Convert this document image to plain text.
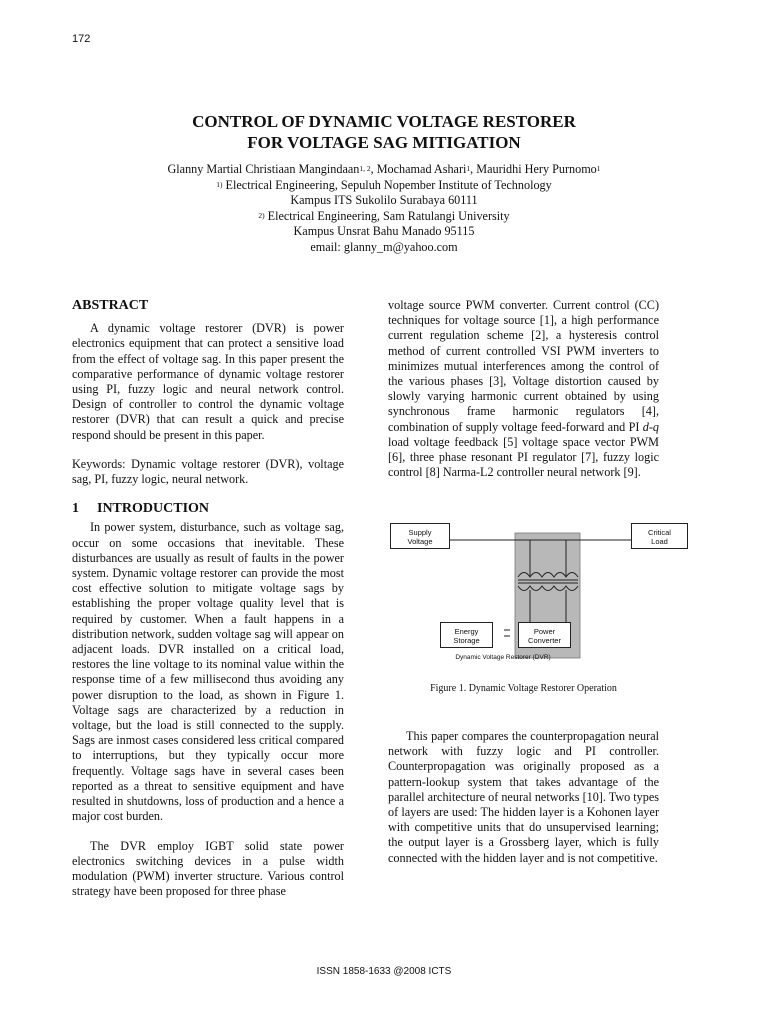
172
CONTROL OF DYNAMIC VOLTAGE RESTORER
FOR VOLTAGE SAG MITIGATION
Glanny Martial Christiaan Mangindaan$^{1, 2}$, Mochamad Ashari$^1$, Mauridhi Hery Purnomo$^1$
$^{1)}$ Electrical Engineering, Sepuluh Nopember Institute of Technology
Kampus ITS Sukolilo Surabaya 60111
$^{2)}$ Electrical Engineering, Sam Ratulangi University
Kampus Unsrat Bahu Manado 95115
email: glanny_m@yahoo.com
ABSTRACT

A dynamic voltage restorer (DVR) is power electronics equipment that can protect a sensitive load from the effect of voltage sag. In this paper present the comparative performance of dynamic voltage restorer using PI, fuzzy logic and neural network control. Design of controller to control the dynamic voltage restorer (DVR) that can result a quick and precise respond should be present in this paper.

Keywords: Dynamic voltage restorer (DVR), voltage sag, PI, fuzzy logic, neural network.

1 INTRODUCTION

In power system, disturbance, such as voltage sag, occur on some occasions that inevitable. These disturbances are usually as result of faults in the power system. Dynamic voltage restorer can provide the most cost effective solution to mitigate voltage sags by establishing the proper voltage quality level that is required by customer. When a fault happens in a distribution network, sudden voltage sag will appear on adjacent loads. DVR installed on a critical load, restores the line voltage to its nominal value within the response time of a few millisecond thus avoiding any power disruption to the load, as shown in Figure 1. Voltage sags are characterized by a reduction in voltage, but the load is still connected to the supply. Sags are inmost cases considered less critical compared to interruptions, but they typically occur more frequently. Voltage sags have in several cases been reported as a threat to sensitive equipment and have resulted in shutdowns, loss of production and a hence a major cost burden.

The DVR employ IGBT solid state power electronics switching devices in a pulse width modulation (PWM) inverter structure. Various control strategy have been proposed for three phase

voltage source PWM converter. Current control (CC) techniques for voltage source [1], a high performance current regulation scheme [2], a hysteresis control method of current controlled VSI PWM inverters to minimizes mutual interferences among the control of the various phases [3], Voltage distortion caused by slowly varying harmonic current obtained by using synchronous frame harmonic regulators [4], combination of supply voltage feed-forward and PI d-q load voltage feedback [5] voltage space vector PWM [6], three phase resonant PI regulator [7], fuzzy logic control [8] Narma-L2 controller neural network [9].

Supply
Voltage
Critical
Load
Energy
Storage
Power
Converter
Dynamic Voltage Restorer (DVR)
Figure 1. Dynamic Voltage Restorer Operation

This paper compares the counterpropagation neural network with fuzzy logic and PI controller. Counterpropagation was originally proposed as a pattern-lookup system that takes advantage of the parallel architecture of neural networks [10]. Two types of layers are used: The hidden layer is a Kohonen layer with competitive units that do unsupervised learning; the output layer is a Grossberg layer, which is fully connected with the hidden layer and is not competitive.

ISSN 1858-1633 @2008 ICTS
